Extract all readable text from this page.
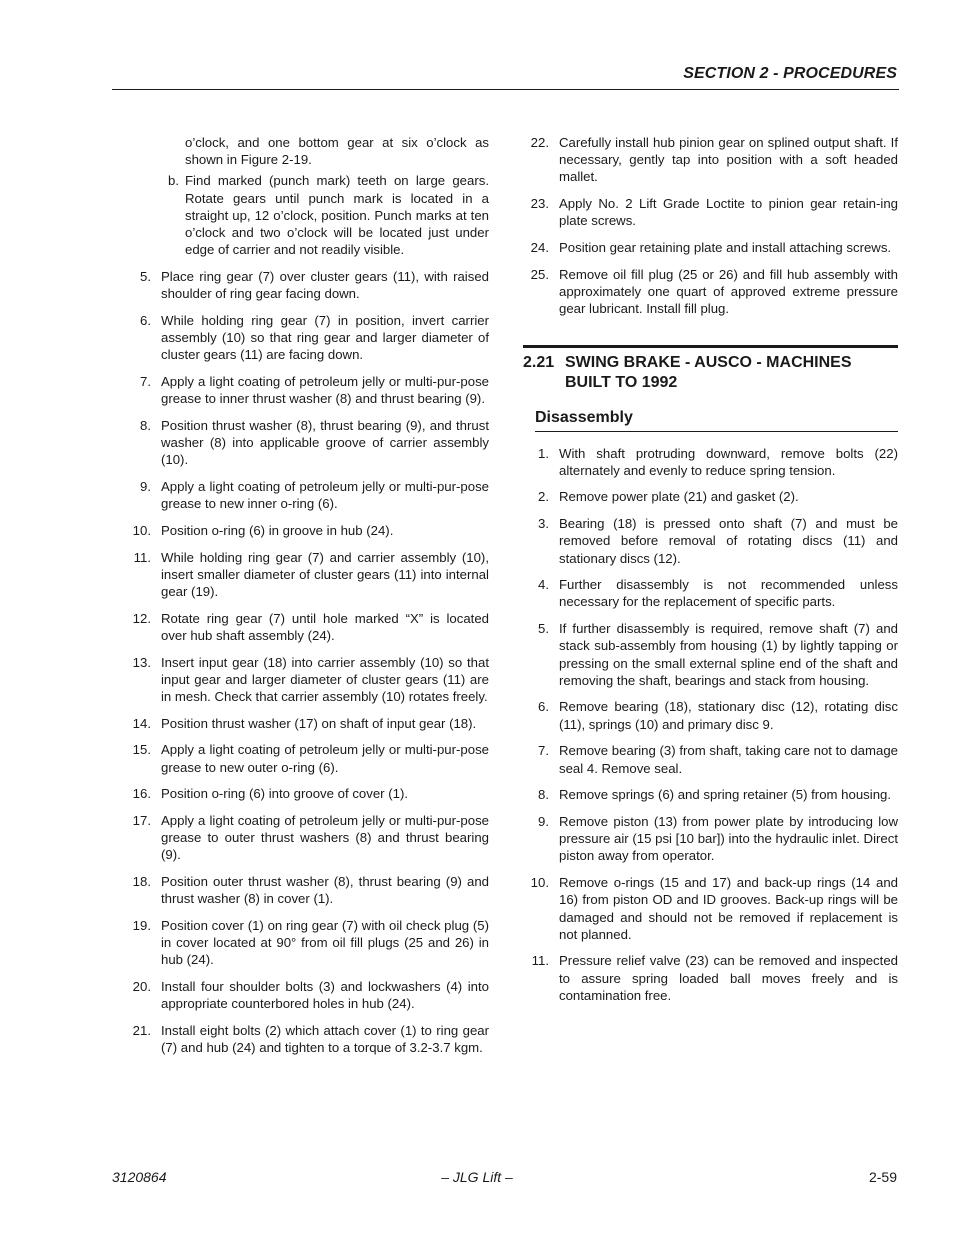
SECTION 2 - PROCEDURES
o’clock, and one bottom gear at six o’clock as shown in Figure 2-19.
b. Find marked (punch mark) teeth on large gears. Rotate gears until punch mark is located in a straight up, 12 o’clock, position. Punch marks at ten o’clock and two o’clock will be located just under edge of carrier and not readily visible.
5. Place ring gear (7) over cluster gears (11), with raised shoulder of ring gear facing down.
6. While holding ring gear (7) in position, invert carrier assembly (10) so that ring gear and larger diameter of cluster gears (11) are facing down.
7. Apply a light coating of petroleum jelly or multi-pur-pose grease to inner thrust washer (8) and thrust bearing (9).
8. Position thrust washer (8), thrust bearing (9), and thrust washer (8) into applicable groove of carrier assembly (10).
9. Apply a light coating of petroleum jelly or multi-pur-pose grease to new inner o-ring (6).
10. Position o-ring (6) in groove in hub (24).
11. While holding ring gear (7) and carrier assembly (10), insert smaller diameter of cluster gears (11) into internal gear (19).
12. Rotate ring gear (7) until hole marked “X” is located over hub shaft assembly (24).
13. Insert input gear (18) into carrier assembly (10) so that input gear and larger diameter of cluster gears (11) are in mesh. Check that carrier assembly (10) rotates freely.
14. Position thrust washer (17) on shaft of input gear (18).
15. Apply a light coating of petroleum jelly or multi-pur-pose grease to new outer o-ring (6).
16. Position o-ring (6) into groove of cover (1).
17. Apply a light coating of petroleum jelly or multi-pur-pose grease to outer thrust washers (8) and thrust bearing (9).
18. Position outer thrust washer (8), thrust bearing (9) and thrust washer (8) in cover (1).
19. Position cover (1) on ring gear (7) with oil check plug (5) in cover located at 90° from oil fill plugs (25 and 26) in hub (24).
20. Install four shoulder bolts (3) and lockwashers (4) into appropriate counterbored holes in hub (24).
21. Install eight bolts (2) which attach cover (1) to ring gear (7) and hub (24) and tighten to a torque of 3.2-3.7 kgm.
22. Carefully install hub pinion gear on splined output shaft. If necessary, gently tap into position with a soft headed mallet.
23. Apply No. 2 Lift Grade Loctite to pinion gear retain-ing plate screws.
24. Position gear retaining plate and install attaching screws.
25. Remove oil fill plug (25 or 26) and fill hub assembly with approximately one quart of approved extreme pressure gear lubricant. Install fill plug.
2.21 SWING BRAKE - AUSCO - MACHINES BUILT TO 1992
Disassembly
1. With shaft protruding downward, remove bolts (22) alternately and evenly to reduce spring tension.
2. Remove power plate (21) and gasket (2).
3. Bearing (18) is pressed onto shaft (7) and must be removed before removal of rotating discs (11) and stationary discs (12).
4. Further disassembly is not recommended unless necessary for the replacement of specific parts.
5. If further disassembly is required, remove shaft (7) and stack sub-assembly from housing (1) by lightly tapping or pressing on the small external spline end of the shaft and removing the shaft, bearings and stack from housing.
6. Remove bearing (18), stationary disc (12), rotating disc (11), springs (10) and primary disc 9.
7. Remove bearing (3) from shaft, taking care not to damage seal 4. Remove seal.
8. Remove springs (6) and spring retainer (5) from housing.
9. Remove piston (13) from power plate by introducing low pressure air (15 psi [10 bar]) into the hydraulic inlet. Direct piston away from operator.
10. Remove o-rings (15 and 17) and back-up rings (14 and 16) from piston OD and ID grooves. Back-up rings will be damaged and should not be removed if replacement is not planned.
11. Pressure relief valve (23) can be removed and inspected to assure spring loaded ball moves freely and is contamination free.
3120864	– JLG Lift –	2-59
